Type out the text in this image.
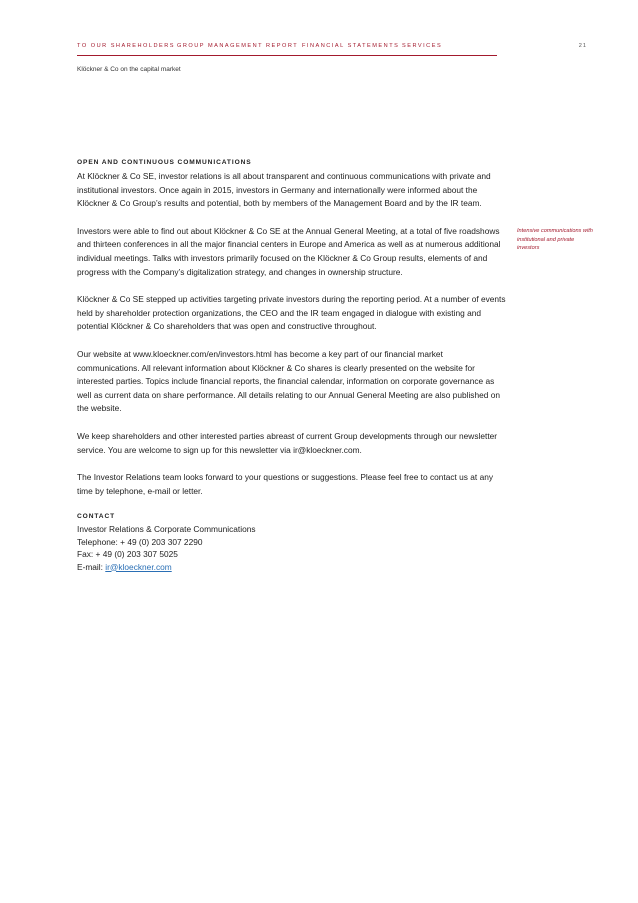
TO OUR SHAREHOLDERS GROUP MANAGEMENT REPORT FINANCIAL STATEMENTS SERVICES	21
Klöckner & Co on the capital market
OPEN AND CONTINUOUS COMMUNICATIONS

At Klöckner & Co SE, investor relations is all about transparent and continuous communications with private and institutional investors. Once again in 2015, investors in Germany and internationally were informed about the Klöckner & Co Group’s results and potential, both by members of the Management Board and by the IR team.

Investors were able to find out about Klöckner & Co SE at the Annual General Meeting, at a total of five roadshows and thirteen conferences in all the major financial centers in Europe and America as well as at numerous additional individual meetings. Talks with investors primarily focused on the Klöckner & Co Group results, elements of and progress with the Company’s digitalization strategy, and changes in ownership structure.

Klöckner & Co SE stepped up activities targeting private investors during the reporting period. At a number of events held by shareholder protection organizations, the CEO and the IR team engaged in dialogue with existing and potential Klöckner & Co shareholders that was open and constructive throughout.

Our website at www.kloeckner.com/en/investors.html has become a key part of our financial market communications. All relevant information about Klöckner & Co shares is clearly presented on the website for interested parties. Topics include financial reports, the financial calendar, information on corporate governance as well as current data on share performance. All details relating to our Annual General Meeting are also published on the website.

We keep shareholders and other interested parties abreast of current Group developments through our newsletter service. You are welcome to sign up for this newsletter via ir@kloeckner.com.

The Investor Relations team looks forward to your questions or suggestions. Please feel free to contact us at any time by telephone, e-mail or letter.

CONTACT
Investor Relations & Corporate Communications
Telephone: + 49 (0) 203 307 2290
Fax: + 49 (0) 203 307 5025
E-mail: ir@kloeckner.com
Intensive communications with institutional and private investors
